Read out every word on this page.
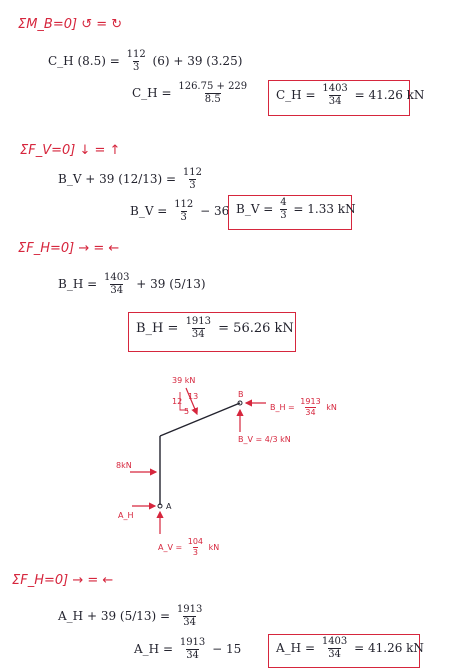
ΣM_B=0] ↺ = ↻
C_H $(8.5) = \frac{112}{3} (6) + 39$ (3.25)
C_H = $\frac{126.75 + 229}{8.5}$ C_H = $\frac{1403}{34} = 41.26$ kN
ΣF_V=0] ↓ = ↑
B_V + 39 $(12/13) = \frac{112}{3}$
B_V = $\frac{112}{3} - 36$ B_V = $\frac{4}{3} = 1.33$ kN
ΣF_H=0] → = ←
B_H = $\frac{1403}{34} + 39$ (5/13)
B_H = $\frac{1913}{34} = 56.26$ kN
39 kN
12
13
5
B
B_H = $\frac{1913}{34}$ kN
B_V = 4/3 kN
8kN
A
A_H
A_V = $\frac{104}{3}$ kN
ΣF_H=0] → = ←
A_H + 39 $(5/13) = \frac{1913}{34}$
A_H = $\frac{1913}{34} - 15$	A_H = $\frac{1403}{34} = 41.26$ kN
